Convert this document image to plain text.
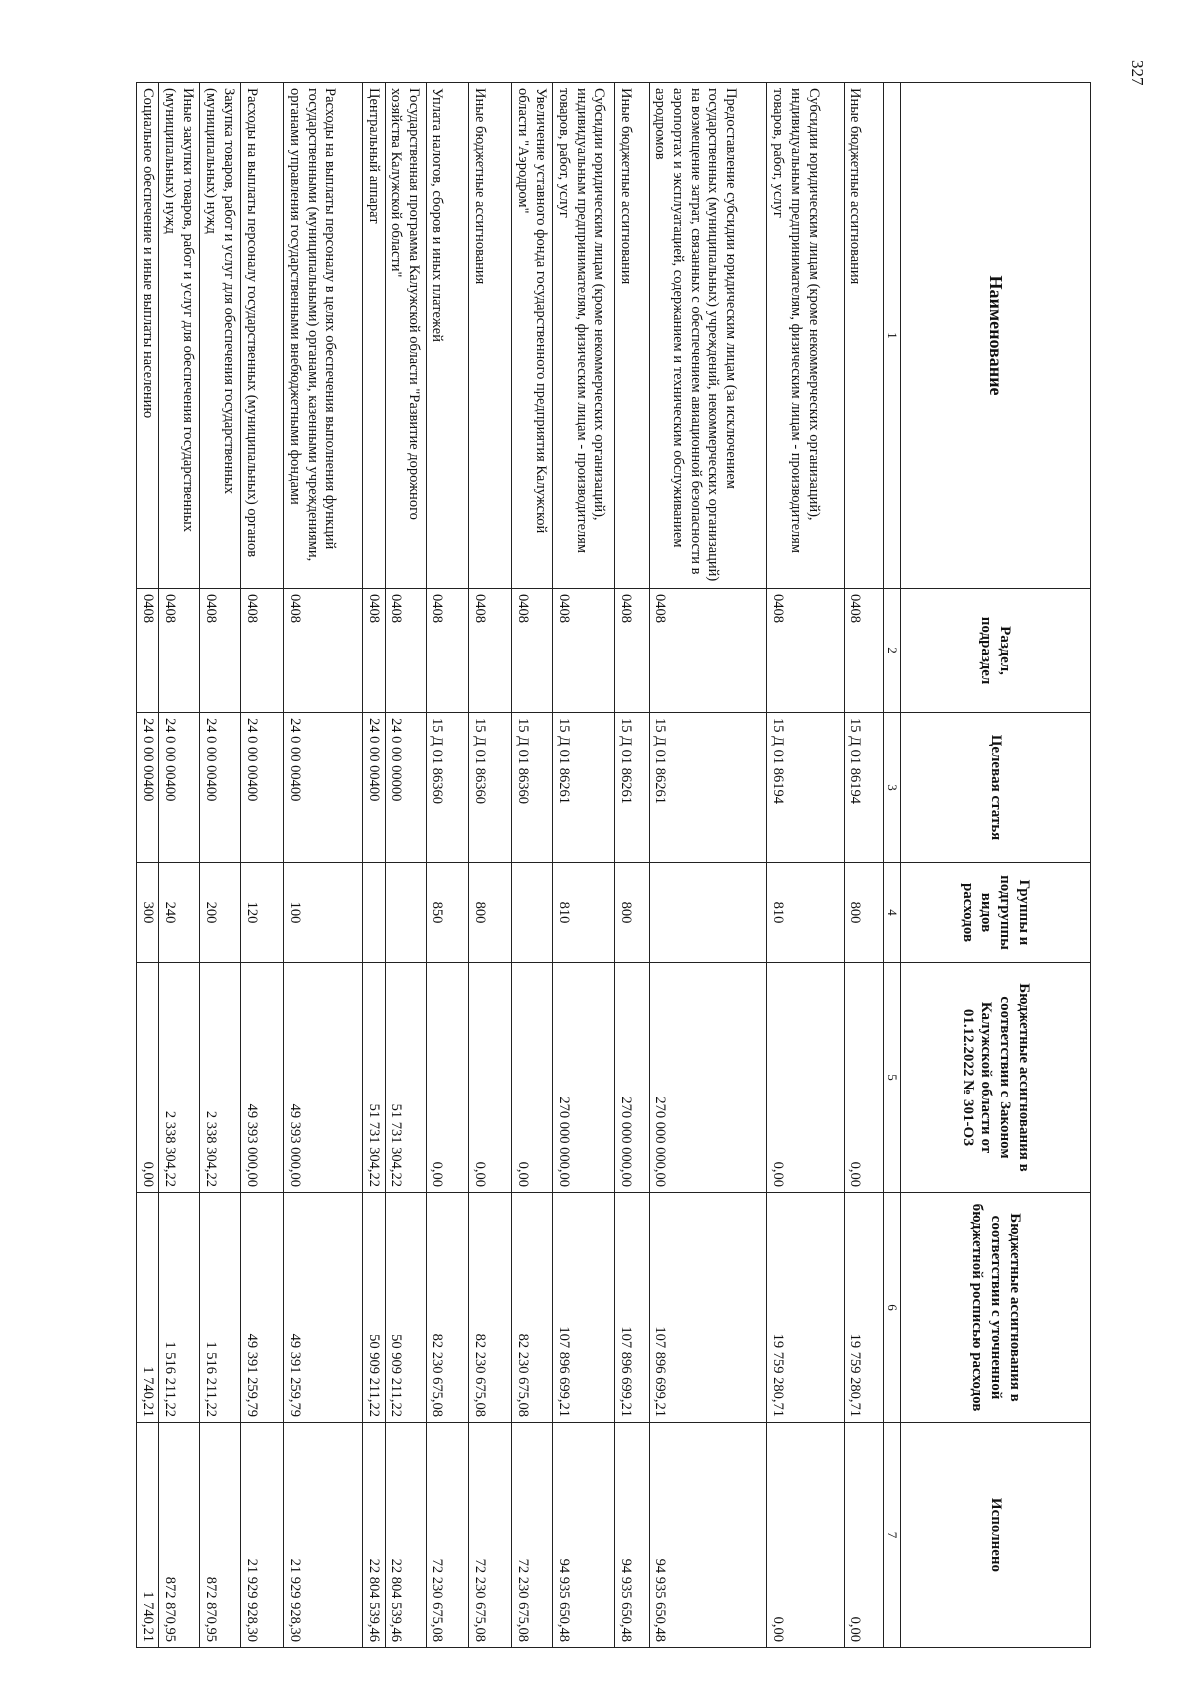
327
Наименование	Раздел, подраздел	Целевая статья	Группы и подгруппы видов расходов	Бюджетные ассигнования в соответствии с Законом Калужской области от 01.12.2022 № 301-ОЗ	Бюджетные ассигнования в соответствии с уточненной бюджетной росписью расходов	Исполнено
1	2	3	4	5	6	7
Иные бюджетные ассигнования	0408	15 Д 01 86194	800	0,00	19 759 280,71	0,00
Субсидии юридическим лицам (кроме некоммерческих организаций), индивидуальным предпринимателям, физическим лицам - производителям товаров, работ, услуг	0408	15 Д 01 86194	810	0,00	19 759 280,71	0,00
Предоставление субсидии юридическим лицам (за исключением государственных (муниципальных) учреждений, некоммерческих организаций) на возмещение затрат, связанных с обеспечением авиационной безопасности в аэропортах и эксплуатацией, содержанием и техническим обслуживанием аэродромов	0408	15 Д 01 86261		270 000 000,00	107 896 699,21	94 935 650,48
Иные бюджетные ассигнования	0408	15 Д 01 86261	800	270 000 000,00	107 896 699,21	94 935 650,48
Субсидии юридическим лицам (кроме некоммерческих организаций), индивидуальным предпринимателям, физическим лицам - производителям товаров, работ, услуг	0408	15 Д 01 86261	810	270 000 000,00	107 896 699,21	94 935 650,48
Увеличение уставного фонда государственного предприятия Калужской области "Аэродром"	0408	15 Д 01 86360		0,00	82 230 675,08	72 230 675,08
Иные бюджетные ассигнования	0408	15 Д 01 86360	800	0,00	82 230 675,08	72 230 675,08
Уплата налогов, сборов и иных платежей	0408	15 Д 01 86360	850	0,00	82 230 675,08	72 230 675,08
Государственная программа Калужской области "Развитие дорожного хозяйства Калужской области"	0408	24 0 00 00000		51 731 304,22	50 909 211,22	22 804 539,46
Центральный аппарат	0408	24 0 00 00400		51 731 304,22	50 909 211,22	22 804 539,46
Расходы на выплаты персоналу в целях обеспечения выполнения функций государственными (муниципальными) органами, казенными учреждениями, органами управления государственными внебюджетными фондами	0408	24 0 00 00400	100	49 393 000,00	49 391 259,79	21 929 928,30
Расходы на выплаты персоналу государственных (муниципальных) органов	0408	24 0 00 00400	120	49 393 000,00	49 391 259,79	21 929 928,30
Закупка товаров, работ и услуг для обеспечения государственных (муниципальных) нужд	0408	24 0 00 00400	200	2 338 304,22	1 516 211,22	872 870,95
Иные закупки товаров, работ и услуг для обеспечения государственных (муниципальных) нужд	0408	24 0 00 00400	240	2 338 304,22	1 516 211,22	872 870,95
Социальное обеспечение и иные выплаты населению	0408	24 0 00 00400	300	0,00	1 740,21	1 740,21
